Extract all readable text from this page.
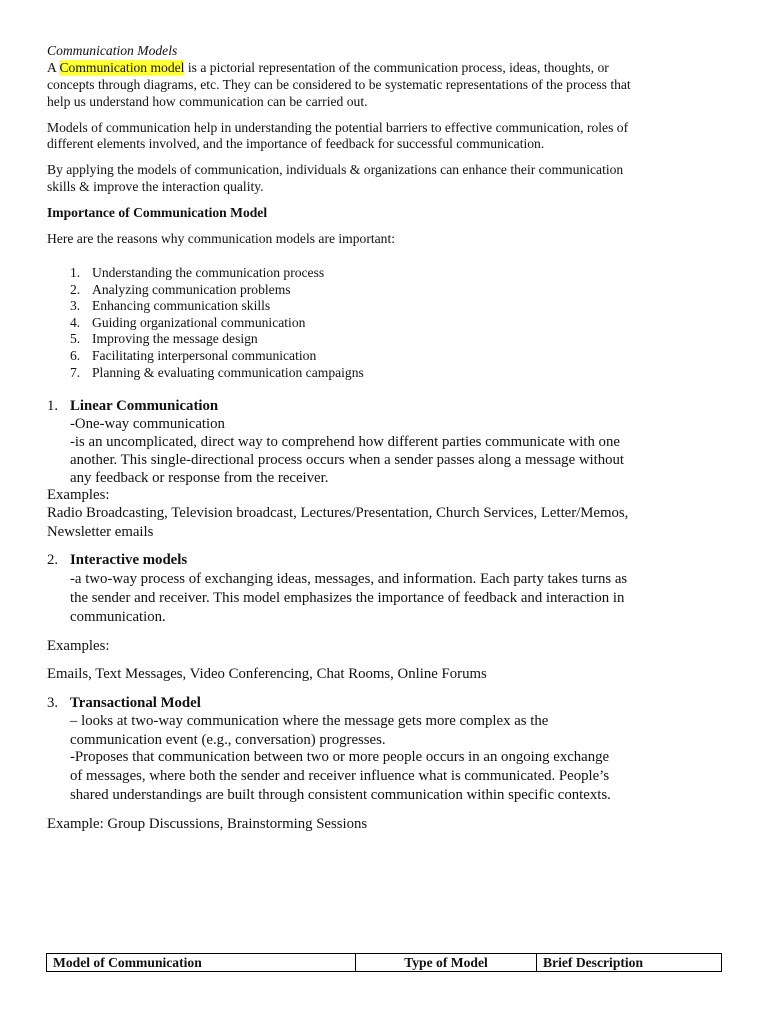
Communication Models

A Communication model is a pictorial representation of the communication process, ideas, thoughts, or

concepts through diagrams, etc. They can be considered to be systematic representations of the process that

help us understand how communication can be carried out.

Models of communication help in understanding the potential barriers to effective communication, roles of

different elements involved, and the importance of feedback for successful communication.

By applying the models of communication, individuals & organizations can enhance their communication

skills & improve the interaction quality.

Importance of Communication Model

Here are the reasons why communication models are important:

1. Understanding the communication process

2. Analyzing communication problems

3. Enhancing communication skills

4. Guiding organizational communication

5. Improving the message design

6. Facilitating interpersonal communication

7. Planning & evaluating communication campaigns

1. Linear Communication

-One-way communication

-is an uncomplicated, direct way to comprehend how different parties communicate with one

another. This single-directional process occurs when a sender passes along a message without

any feedback or response from the receiver.

Examples:

Radio Broadcasting, Television broadcast, Lectures/Presentation, Church Services, Letter/Memos,

Newsletter emails

2. Interactive models

-a two-way process of exchanging ideas, messages, and information. Each party takes turns as

the sender and receiver. This model emphasizes the importance of feedback and interaction in

communication.

Examples:

Emails, Text Messages, Video Conferencing, Chat Rooms, Online Forums

3. Transactional Model

– looks at two-way communication where the message gets more complex as the

communication event (e.g., conversation) progresses.

-Proposes that communication between two or more people occurs in an ongoing exchange

of messages, where both the sender and receiver influence what is communicated. People’s

shared understandings are built through consistent communication within specific contexts.

Example: Group Discussions, Brainstorming Sessions

Model of Communication	Type of Model	Brief Description
